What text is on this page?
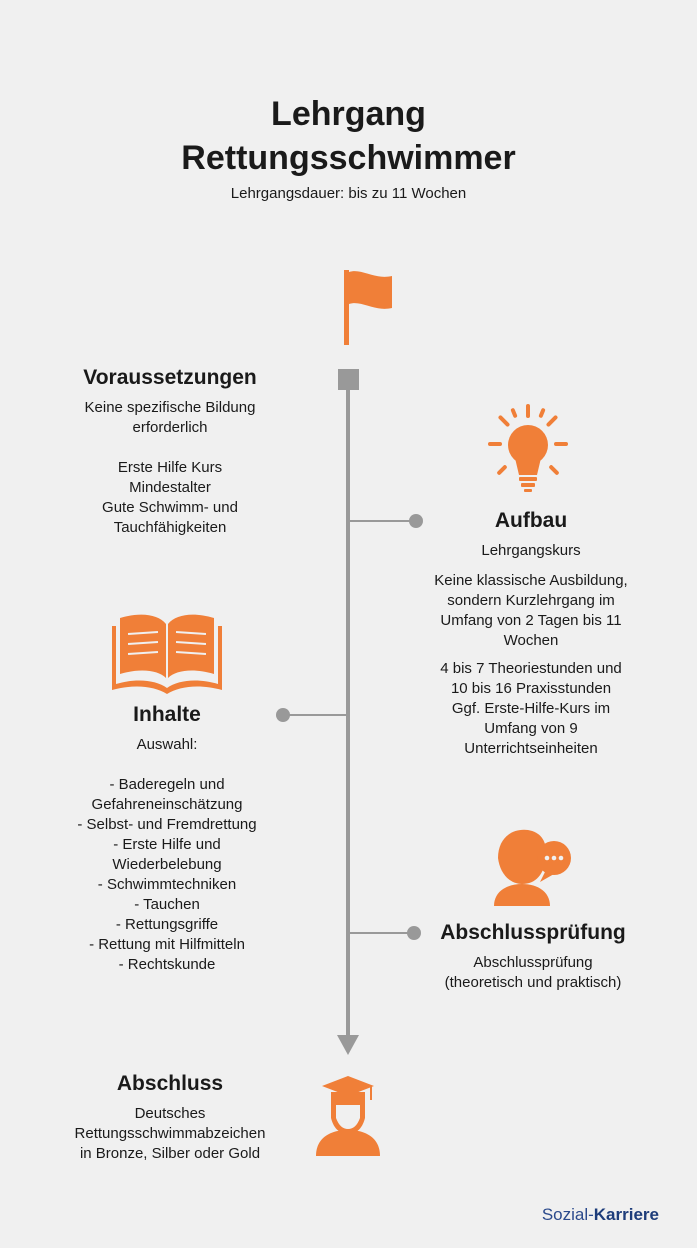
Lehrgang
Rettungsschwimmer
Lehrgangsdauer: bis zu 11 Wochen
Voraussetzungen
Keine spezifische Bildung
erforderlich
Erste Hilfe Kurs
Mindestalter
Gute Schwimm- und
Tauchfähigkeiten	Aufbau
Lehrgangskurs
Keine klassische Ausbildung,
sondern Kurzlehrgang im
Umfang von 2 Tagen bis 11
Wochen
4 bis 7 Theoriestunden und
10 bis 16 Praxisstunden
Ggf. Erste-Hilfe-Kurs im
Umfang von 9
Unterrichtseinheiten
Inhalte
Auswahl:
- Baderegeln und
Gefahreneinschätzung
- Selbst- und Fremdrettung
- Erste Hilfe und
Wiederbelebung
- Schwimmtechniken
- Tauchen
- Rettungsgriffe
- Rettung mit Hilfmitteln
- Rechtskunde
Abschlussprüfung
Abschlussprüfung
(theoretisch und praktisch)
Abschluss
Deutsches
Rettungsschwimmabzeichen
in Bronze, Silber oder Gold
Sozial-Karriere
